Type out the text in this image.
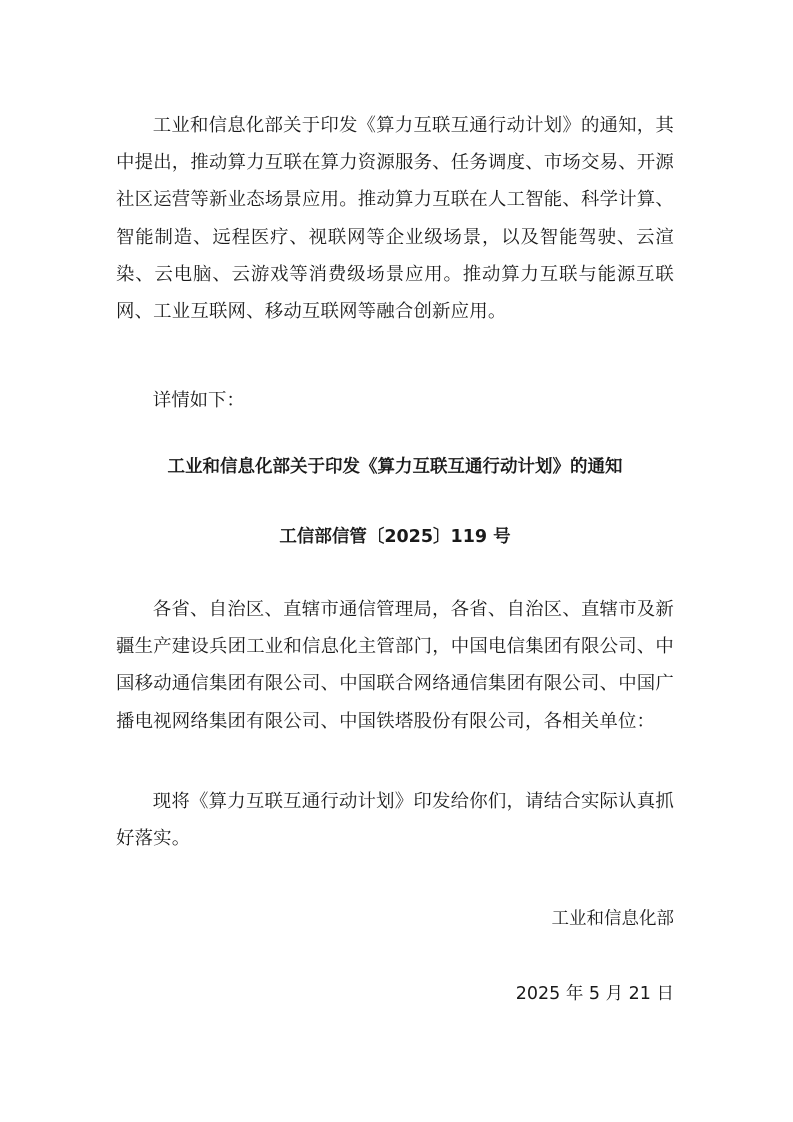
工业和信息化部关于印发《算力互联互通行动计划》的通知，其中提出，推动算力互联在算力资源服务、任务调度、市场交易、开源社区运营等新业态场景应用。推动算力互联在人工智能、科学计算、智能制造、远程医疗、视联网等企业级场景，以及智能驾驶、云渲染、云电脑、云游戏等消费级场景应用。推动算力互联与能源互联网、工业互联网、移动互联网等融合创新应用。

详情如下：

工业和信息化部关于印发《算力互联互通行动计划》的通知

工信部信管〔2025〕119 号

各省、自治区、直辖市通信管理局，各省、自治区、直辖市及新疆生产建设兵团工业和信息化主管部门，中国电信集团有限公司、中国移动通信集团有限公司、中国联合网络通信集团有限公司、中国广播电视网络集团有限公司、中国铁塔股份有限公司，各相关单位：

现将《算力互联互通行动计划》印发给你们，请结合实际认真抓好落实。

工业和信息化部

2025 年 5 月 21 日
